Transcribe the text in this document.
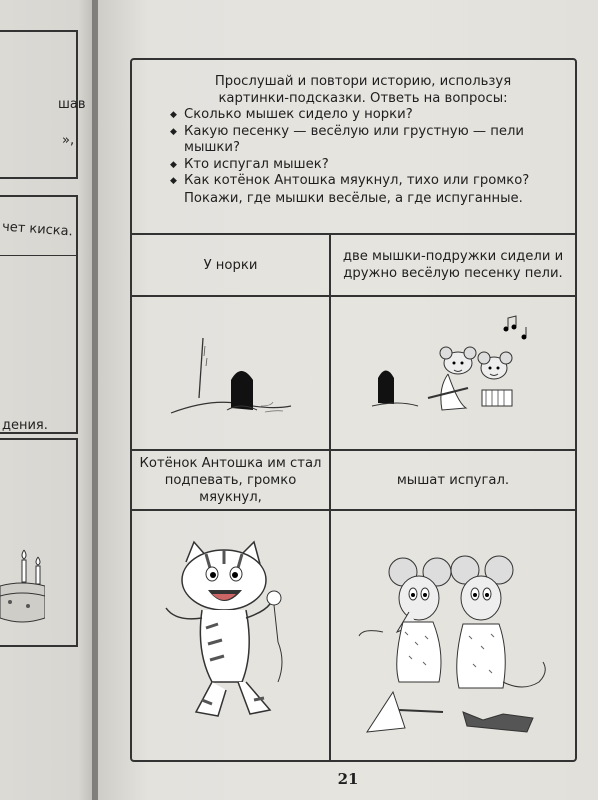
шав
»,
чет киска.
дения.
Прослушай и повтори историю, используя
картинки-подсказки. Ответь на вопросы:
◆ Сколько мышек сидело у норки?
◆ Какую песенку — весёлую или грустную — пели мышки?
◆ Кто испугал мышек?
◆ Как котёнок Антошка мяукнул, тихо или громко?
Покажи, где мышки весёлые, а где испуганные.
У норки
две мышки-подружки сидели и дружно весёлую песенку пели.
Котёнок Антошка им стал подпевать, громко мяукнул,
мышат испугал.
21
